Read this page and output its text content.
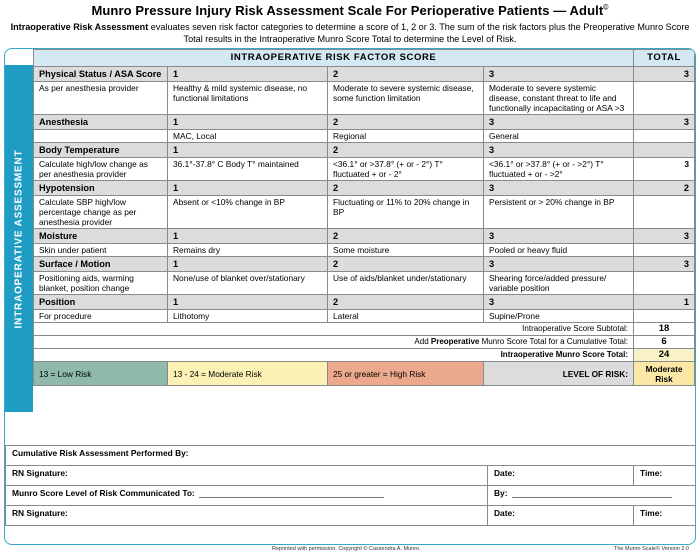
Munro Pressure Injury Risk Assessment Scale For Perioperative Patients — Adult©
Intraoperative Risk Assessment evaluates seven risk factor categories to determine a score of 1, 2 or 3. The sum of the risk factors plus the Preoperative Munro Score Total results in the Intraoperative Munro Score Total to determine the Level of Risk.
INTRAOPERATIVE ASSESSMENT
INTRAOPERATIVE RISK FACTOR SCORE				TOTAL
Physical Status / ASA Score	1	2	3	3
As per anesthesia provider	Healthy & mild systemic disease, no functional limitations	Moderate to severe systemic disease, some function limitation	Moderate to severe systemic disease, constant threat to life and functionally incapacitating or ASA >3	
Anesthesia	1	2	3	3
	MAC, Local	Regional	General	
Body Temperature	1	2	3	
Calculate high/low change as per anesthesia provider	36.1°-37.8° C Body T° maintained	<36.1° or >37.8° (+ or - 2°) T° fluctuated + or - 2°	<36.1° or >37.8° (+ or - >2°) T° fluctuated + or - >2°	3
Hypotension	1	2	3	2
Calculate SBP high/low percentage change as per anesthesia provider	Absent or <10% change in BP	Fluctuating or 11% to 20% change in BP	Persistent or > 20% change in BP	
Moisture	1	2	3	3
Skin under patient	Remains dry	Some moisture	Pooled or heavy fluid	
Surface / Motion	1	2	3	3
Positioning aids, warming blanket, position change	None/use of blanket over/stationary	Use of aids/blanket under/stationary	Shearing force/added pressure/ variable position	
Position	1	2	3	1
For procedure	Lithotomy	Lateral	Supine/Prone	
Intraoperative Score Subtotal:				18
Add Preoperative Munro Score Total for a Cumulative Total:				6
Intraoperative Munro Score Total:				24
13 = Low Risk	13 - 24 = Moderate Risk	25 or greater = High Risk	LEVEL OF RISK:	Moderate Risk
Cumulative Risk Assessment Performed By:		
RN Signature:	Date:	Time:
Munro Score Level of Risk Communicated To:	By:	
RN Signature:	Date:	Time:
Reprinted with permission. Copyright © Cassendra A. Munro.	The Munro Scale© Version 2.0
